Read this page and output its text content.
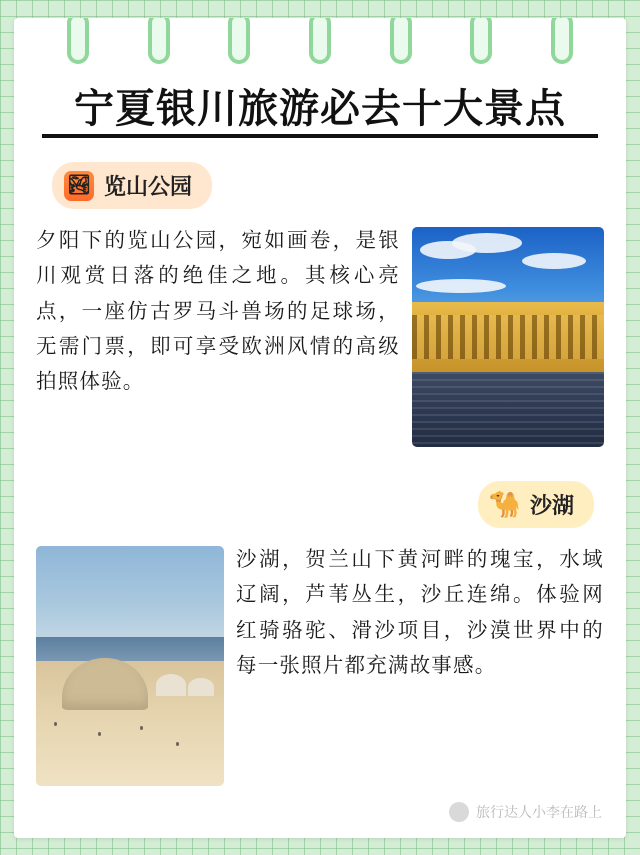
宁夏银川旅游必去十大景点
🏞 览山公园
夕阳下的览山公园，宛如画卷，是银川观赏日落的绝佳之地。其核心亮点，一座仿古罗马斗兽场的足球场，无需门票，即可享受欧洲风情的高级拍照体验。
🐪 沙湖
沙湖，贺兰山下黄河畔的瑰宝，水域辽阔，芦苇丛生，沙丘连绵。体验网红骑骆驼、滑沙项目，沙漠世界中的每一张照片都充满故事感。
旅行达人小李在路上
